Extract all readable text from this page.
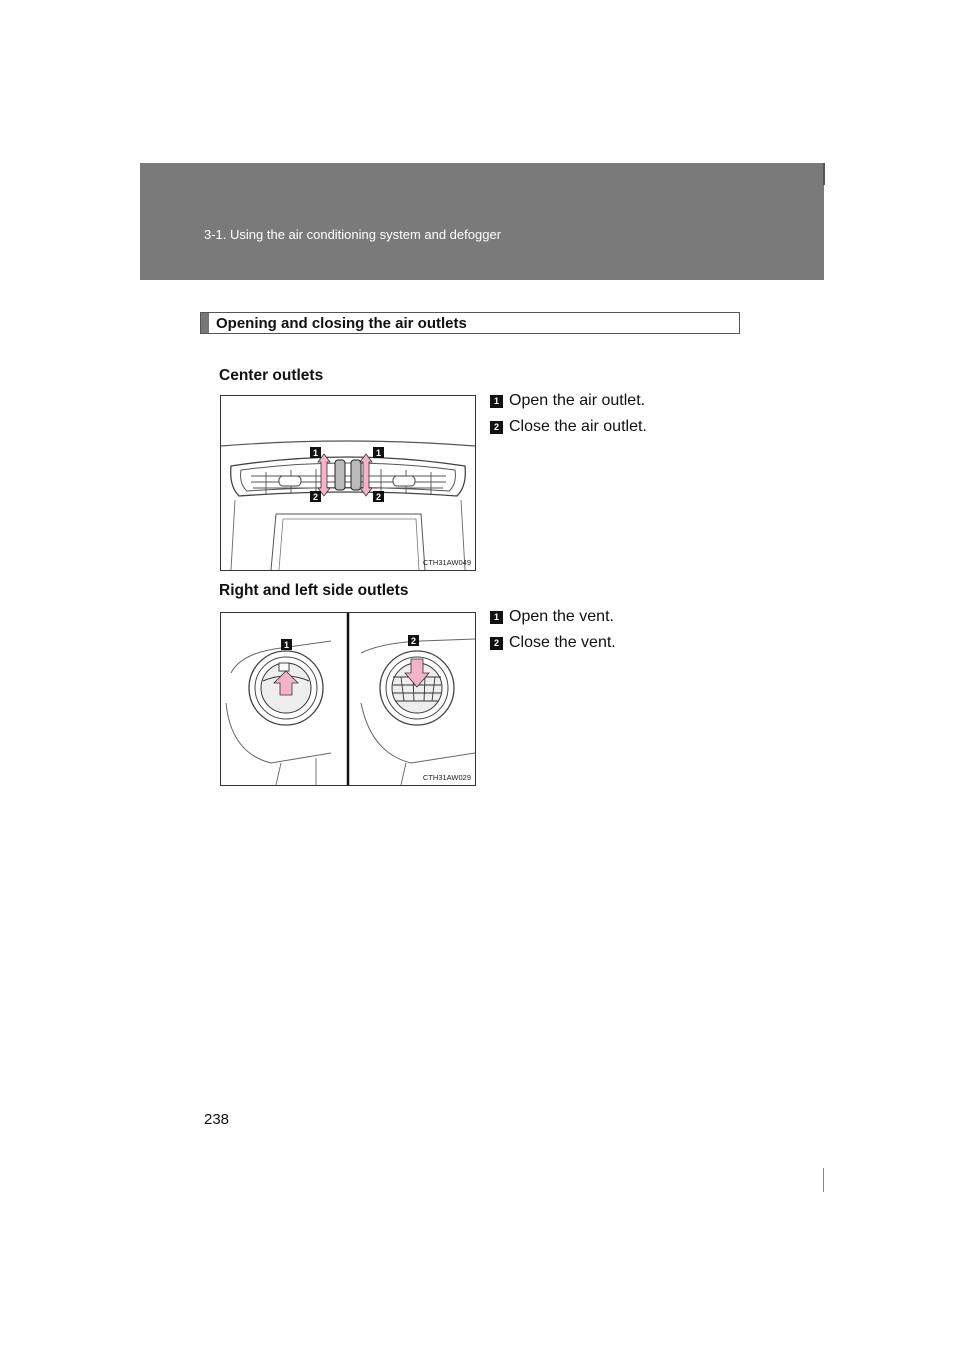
3-1. Using the air conditioning system and defogger
Opening and closing the air outlets
Center outlets
1	1
2	2
CTH31AW049
1 Open the air outlet.
2 Close the air outlet.
Right and left side outlets
1	2
CTH31AW029
1 Open the vent.
2 Close the vent.
238
